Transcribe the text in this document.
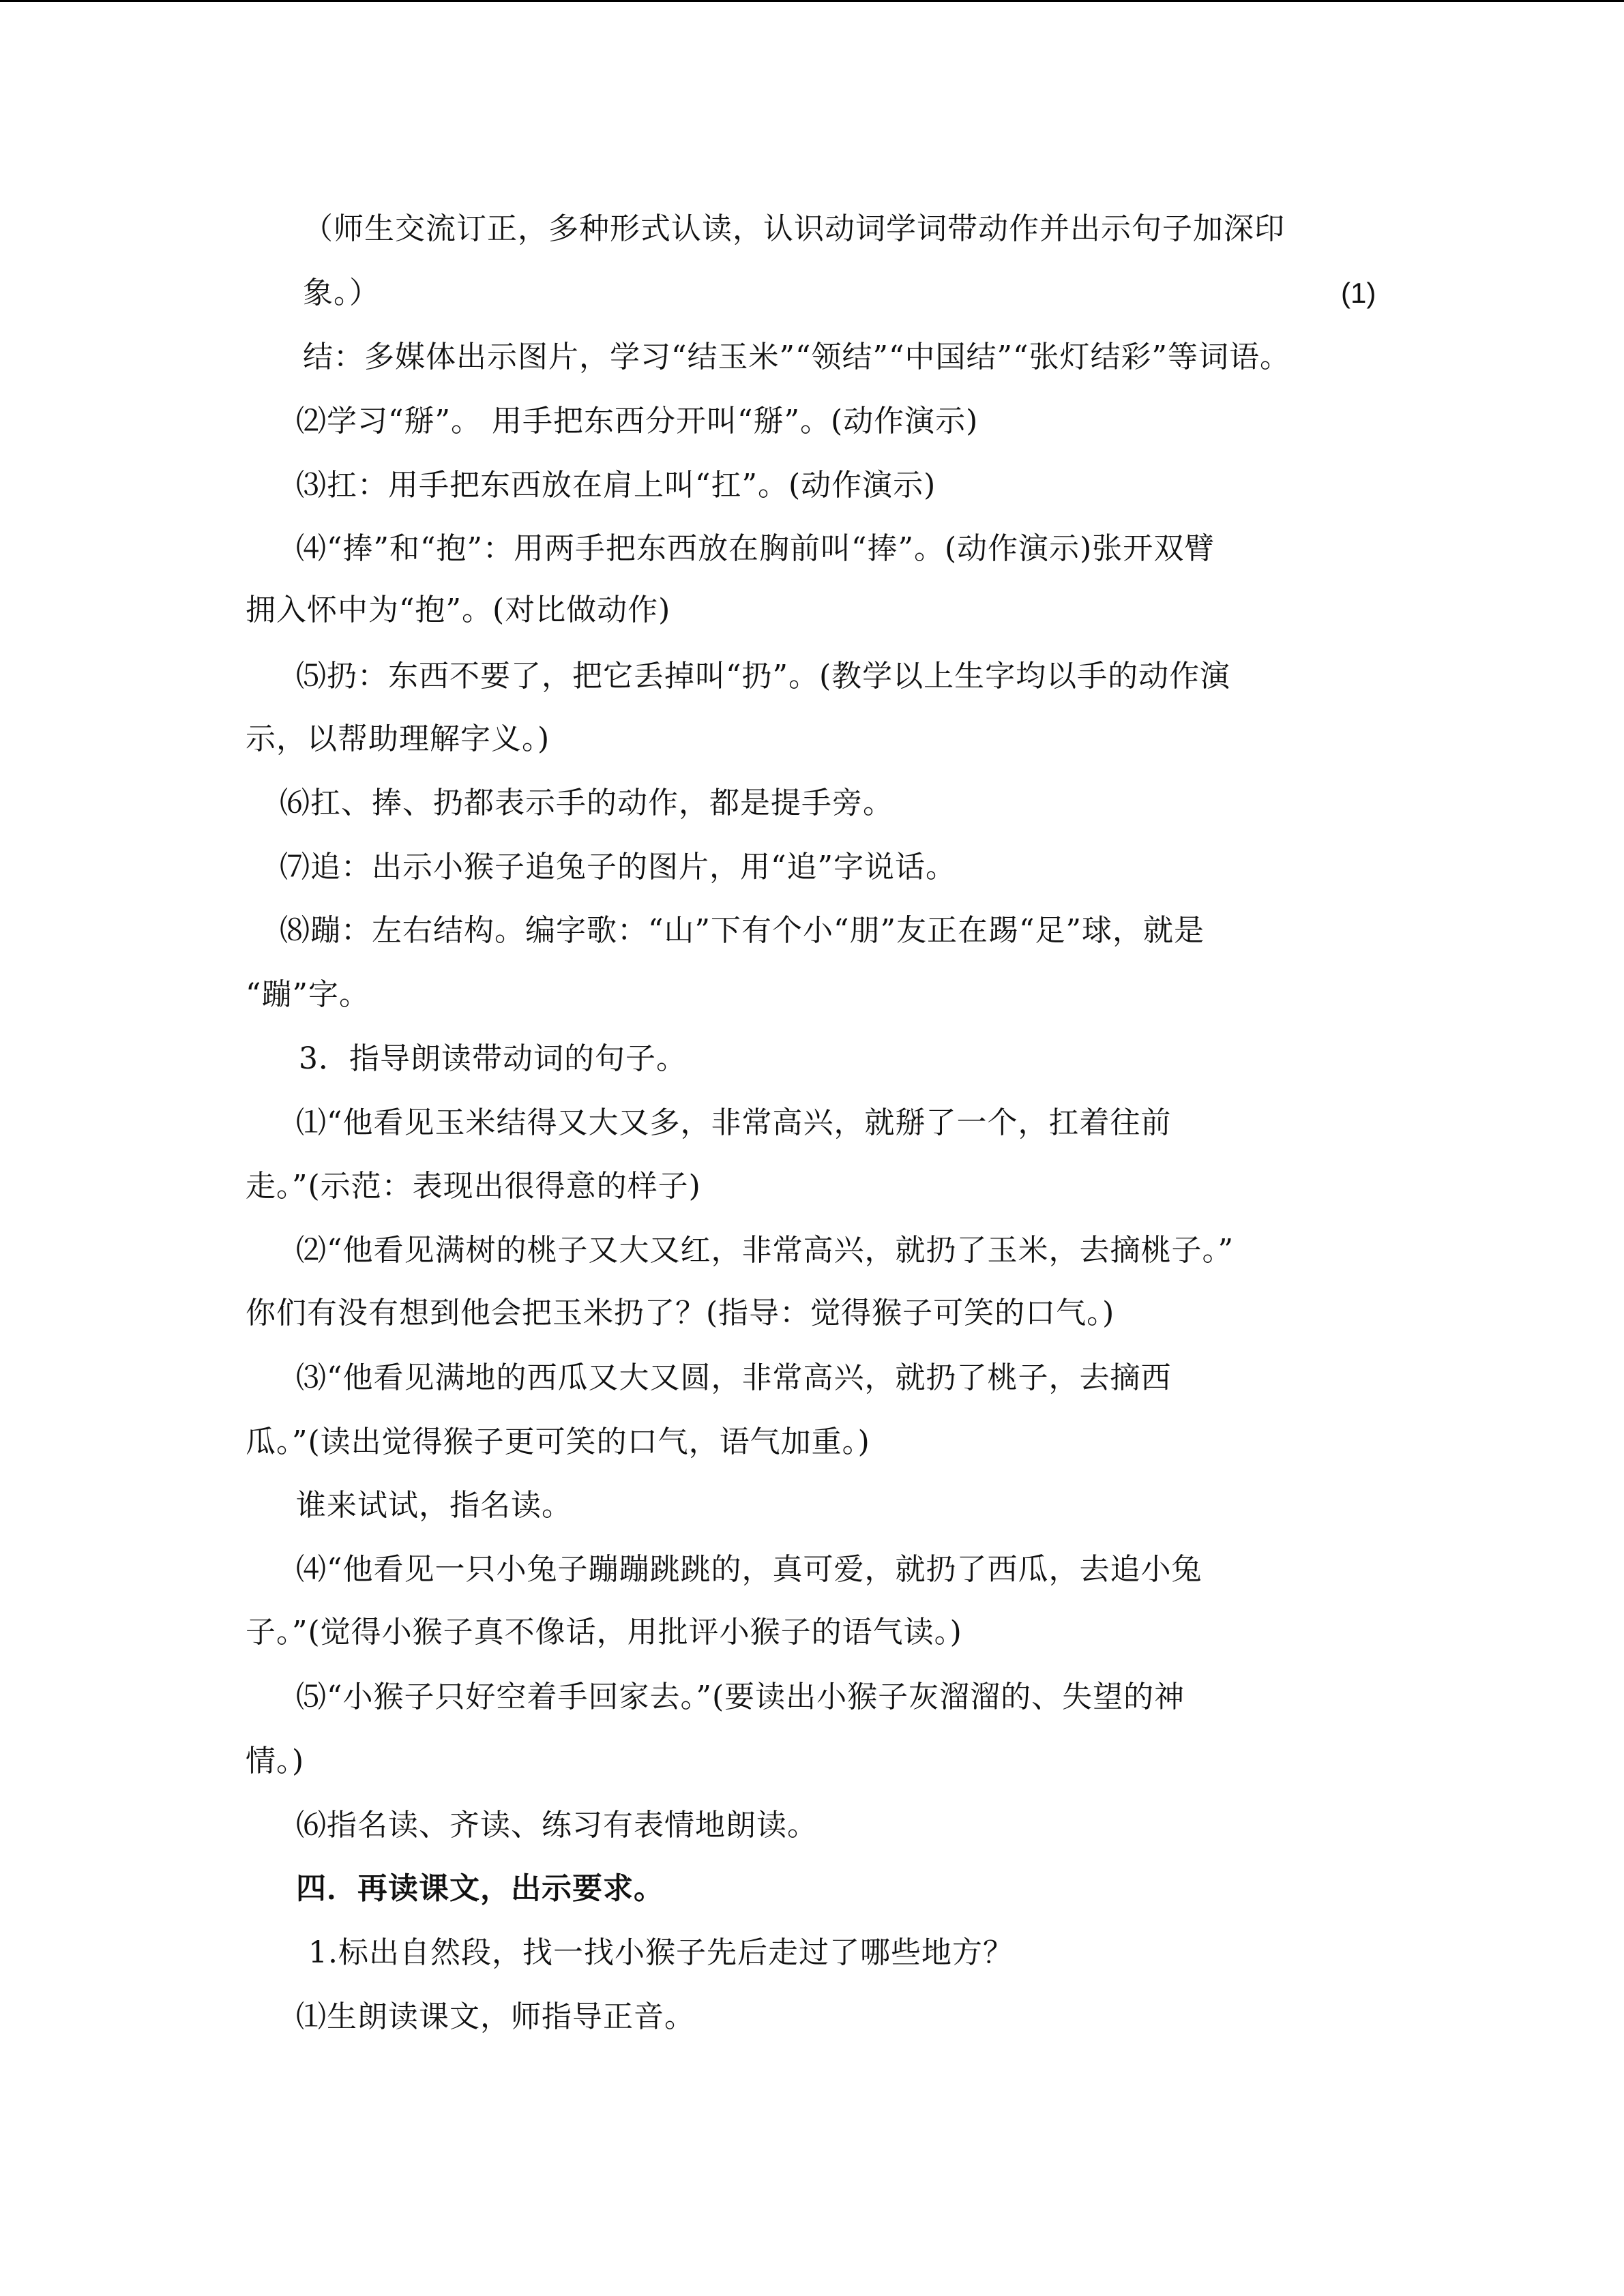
（师生交流订正，多种形式认读，认识动词学词带动作并出示句子加深印
象。）	(1)
结：多媒体出示图片，学习“结玉米”“领结”“中国结”“张灯结彩”等词语。
⑵学习“掰”。 用手把东西分开叫“掰”。(动作演示)
⑶扛：用手把东西放在肩上叫“扛”。(动作演示)
⑷“捧”和“抱”：用两手把东西放在胸前叫“捧”。(动作演示)张开双臂
拥入怀中为“抱”。(对比做动作)
⑸扔：东西不要了，把它丢掉叫“扔”。(教学以上生字均以手的动作演
示，以帮助理解字义。)
⑹扛、捧、扔都表示手的动作，都是提手旁。
⑺追：出示小猴子追兔子的图片，用“追”字说话。
⑻蹦：左右结构。编字歌：“山”下有个小“朋”友正在踢“足”球，就是
“蹦”字。
3．指导朗读带动词的句子。
⑴“他看见玉米结得又大又多，非常高兴，就掰了一个，扛着往前
走。”(示范：表现出很得意的样子)
⑵“他看见满树的桃子又大又红，非常高兴，就扔了玉米，去摘桃子。”
你们有没有想到他会把玉米扔了？(指导：觉得猴子可笑的口气。)
⑶“他看见满地的西瓜又大又圆，非常高兴，就扔了桃子，去摘西
瓜。”(读出觉得猴子更可笑的口气，语气加重。)
谁来试试，指名读。
⑷“他看见一只小兔子蹦蹦跳跳的，真可爱，就扔了西瓜，去追小兔
子。”(觉得小猴子真不像话，用批评小猴子的语气读。)
⑸“小猴子只好空着手回家去。”(要读出小猴子灰溜溜的、失望的神
情。)
⑹指名读、齐读、练习有表情地朗读。
四．再读课文，出示要求。
1.标出自然段，找一找小猴子先后走过了哪些地方？
⑴生朗读课文，师指导正音。
